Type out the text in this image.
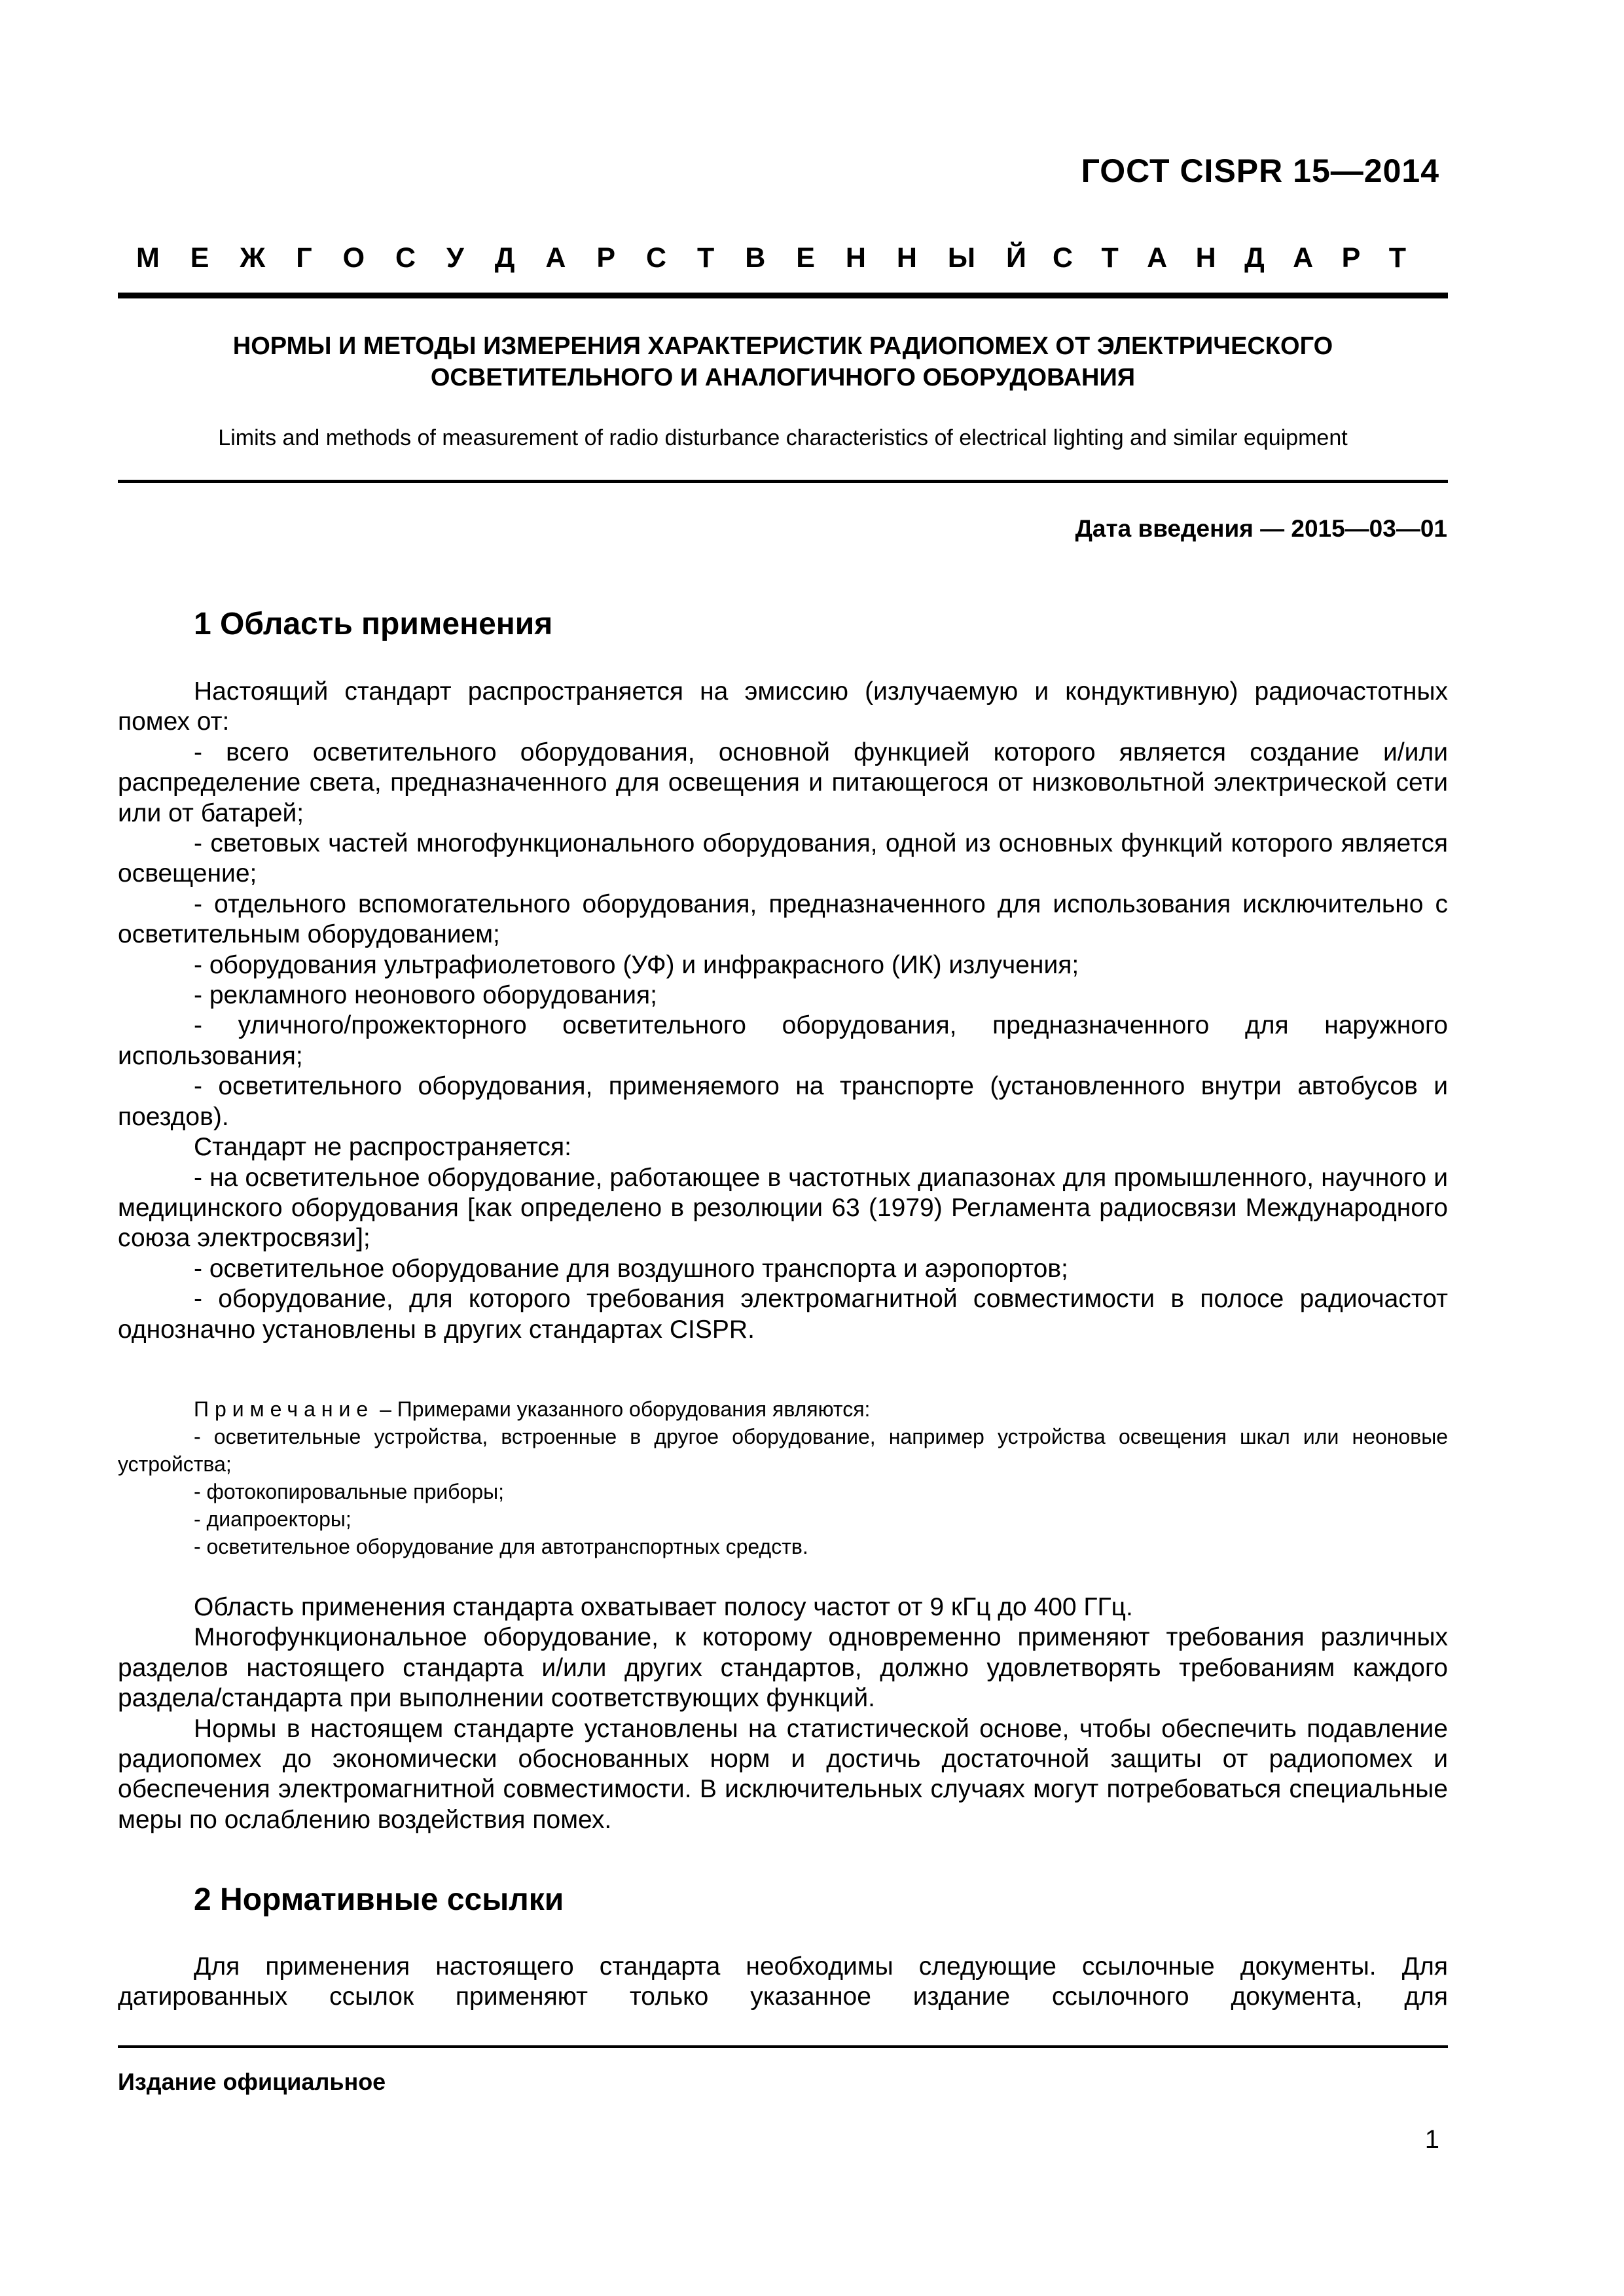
ГОСТ CISPR 15—2014
М Е Ж Г О С У Д А Р С Т В Е Н Н Ы Й С Т А Н Д А Р Т
НОРМЫ И МЕТОДЫ ИЗМЕРЕНИЯ ХАРАКТЕРИСТИК РАДИОПОМЕХ ОТ ЭЛЕКТРИЧЕСКОГО
ОСВЕТИТЕЛЬНОГО И АНАЛОГИЧНОГО ОБОРУДОВАНИЯ
Limits and methods of measurement of radio disturbance characteristics of electrical lighting and similar equipment
Дата введения — 2015—03—01
1 Область применения

Настоящий стандарт распространяется на эмиссию (излучаемую и кондуктивную) радиочастотных помех от:

- всего осветительного оборудования, основной функцией которого является создание и/или распределение света, предназначенного для освещения и питающегося от низковольтной электрической сети или от батарей;

- световых частей многофункционального оборудования, одной из основных функций которого является освещение;

- отдельного вспомогательного оборудования, предназначенного для использования исключительно с осветительным оборудованием;

- оборудования ультрафиолетового (УФ) и инфракрасного (ИК) излучения;

- рекламного неонового оборудования;

- уличного/прожекторного осветительного оборудования, предназначенного для наружного использования;

- осветительного оборудования, применяемого на транспорте (установленного внутри автобусов и поездов).

Стандарт не распространяется:

- на осветительное оборудование, работающее в частотных диапазонах для промышленного, научного и медицинского оборудования [как определено в резолюции 63 (1979) Регламента радиосвязи Международного союза электросвязи];

- осветительное оборудование для воздушного транспорта и аэропортов;

- оборудование, для которого требования электромагнитной совместимости в полосе радиочастот однозначно установлены в других стандартах CISPR.

Примечание – Примерами указанного оборудования являются:

- осветительные устройства, встроенные в другое оборудование, например устройства освещения шкал или неоновые устройства;

- фотокопировальные приборы;

- диапроекторы;

- осветительное оборудование для автотранспортных средств.

Область применения стандарта охватывает полосу частот от 9 кГц до 400 ГГц.

Многофункциональное оборудование, к которому одновременно применяют требования различных разделов настоящего стандарта и/или других стандартов, должно удовлетворять требованиям каждого раздела/стандарта при выполнении соответствующих функций.

Нормы в настоящем стандарте установлены на статистической основе, чтобы обеспечить подавление радиопомех до экономически обоснованных норм и достичь достаточной защиты от радиопомех и обеспечения электромагнитной совместимости. В исключительных случаях могут потребоваться специальные меры по ослаблению воздействия помех.

2 Нормативные ссылки

Для применения настоящего стандарта необходимы следующие ссылочные документы. Для датированных ссылок применяют только указанное издание ссылочного документа, для

Издание официальное
1
